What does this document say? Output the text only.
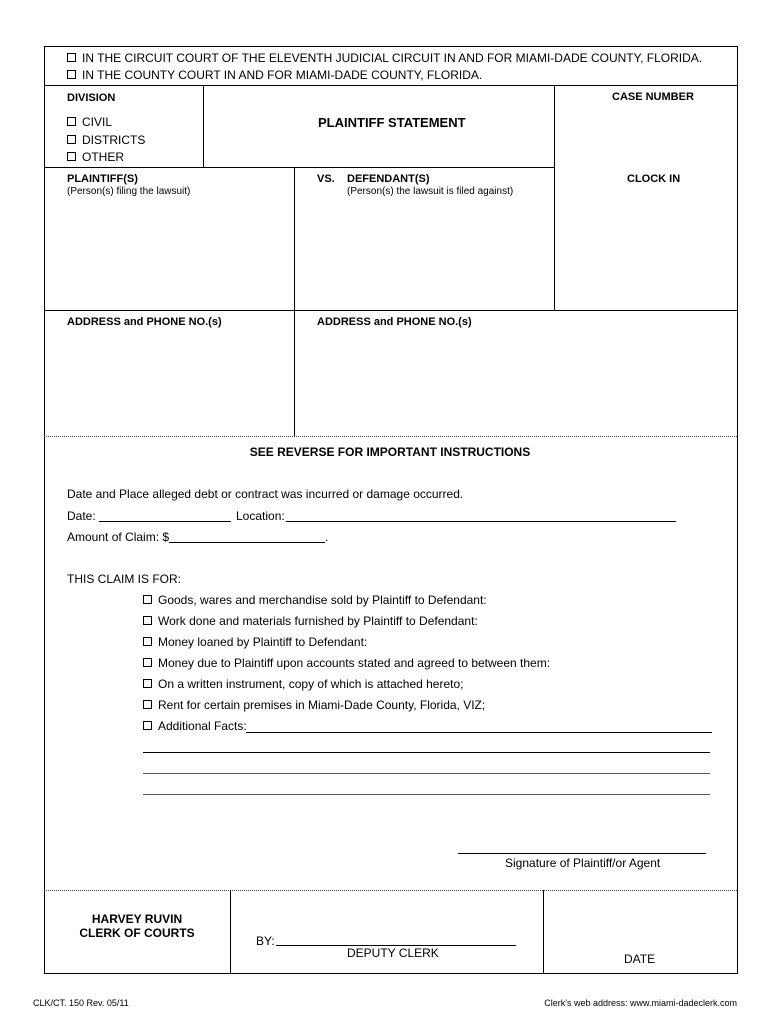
IN THE CIRCUIT COURT OF THE ELEVENTH JUDICIAL CIRCUIT IN AND FOR MIAMI-DADE COUNTY, FLORIDA.
IN THE COUNTY COURT IN AND FOR MIAMI-DADE COUNTY, FLORIDA.
DIVISION
CIVIL
DISTRICTS
OTHER
PLAINTIFF STATEMENT
CASE NUMBER
PLAINTIFF(S)
(Person(s) filing the lawsuit)
VS. DEFENDANT(S)
(Person(s) the lawsuit is filed against)
CLOCK IN
ADDRESS and PHONE NO.(s)	ADDRESS and PHONE NO.(s)
SEE REVERSE FOR IMPORTANT INSTRUCTIONS
Date and Place alleged debt or contract was incurred or damage occurred.
Date:	Location:
Amount of Claim: $	.
THIS CLAIM IS FOR:
Goods, wares and merchandise sold by Plaintiff to Defendant:
Work done and materials furnished by Plaintiff to Defendant:
Money loaned by Plaintiff to Defendant:
Money due to Plaintiff upon accounts stated and agreed to between them:
On a written instrument, copy of which is attached hereto;
Rent for certain premises in Miami-Dade County, Florida, VIZ;
Additional Facts:
Signature of Plaintiff/or Agent
HARVEY RUVIN
CLERK OF COURTS
BY:
DEPUTY CLERK	DATE
CLK/CT. 150 Rev. 05/11	Clerk's web address: www.miami-dadeclerk.com
